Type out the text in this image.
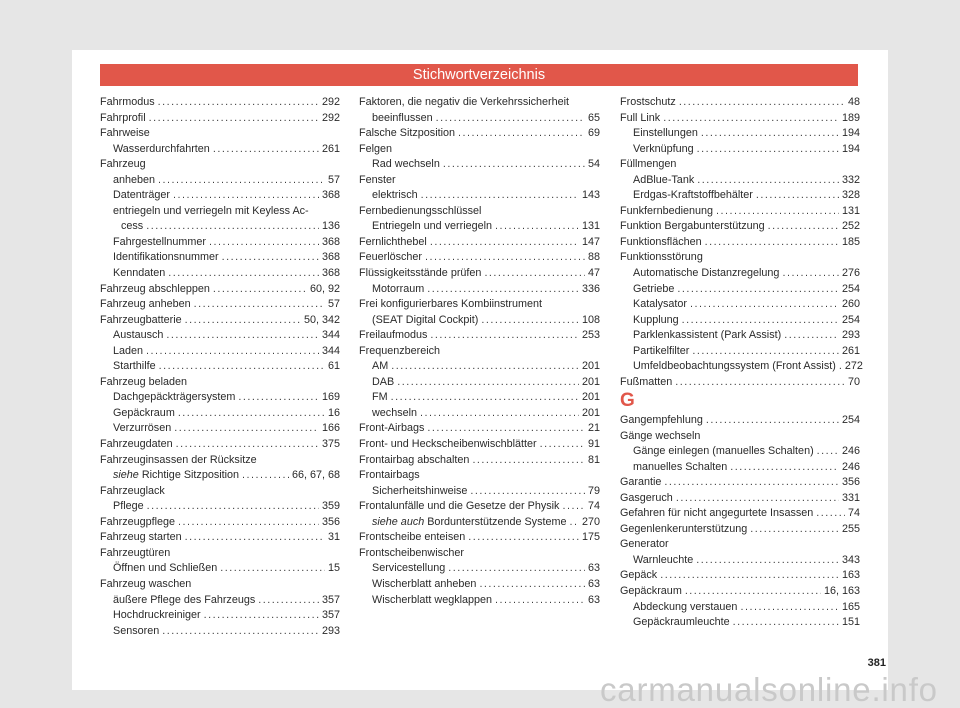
Stichwortverzeichnis
Fahrmodus .....	292
Fahrprofil .....	292
Fahrweise
Wasserdurchfahrten .....	261
Fahrzeug
anheben .....	57
Datenträger .....	368
entriegeln und verriegeln mit Keyless Ac-
cess .....	136
Fahrgestellnummer .....	368
Identifikationsnummer .....	368
Kenndaten .....	368
Fahrzeug abschleppen .....	60, 92
Fahrzeug anheben .....	57
Fahrzeugbatterie .....	50, 342
Austausch .....	344
Laden .....	344
Starthilfe .....	61
Fahrzeug beladen
Dachgepäckträgersystem .....	169
Gepäckraum .....	16
Verzurrösen .....	166
Fahrzeugdaten .....	375
Fahrzeuginsassen der Rücksitze
siehe Richtige Sitzposition .....	66, 67, 68
Fahrzeuglack
Pflege .....	359
Fahrzeugpflege .....	356
Fahrzeug starten .....	31
Fahrzeugtüren
Öffnen und Schließen .....	15
Fahrzeug waschen
äußere Pflege des Fahrzeugs .....	357
Hochdruckreiniger .....	357
Sensoren .....	293
Faktoren, die negativ die Verkehrssicherheit
beeinflussen .....	65
Falsche Sitzposition .....	69
Felgen
Rad wechseln .....	54
Fenster
elektrisch .....	143
Fernbedienungsschlüssel
Entriegeln und verriegeln .....	131
Fernlichthebel .....	147
Feuerlöscher .....	88
Flüssigkeitsstände prüfen .....	47
Motorraum .....	336
Frei konfigurierbares Kombiinstrument
(SEAT Digital Cockpit) .....	108
Freilaufmodus .....	253
Frequenzbereich
AM .....	201
DAB .....	201
FM .....	201
wechseln .....	201
Front-Airbags .....	21
Front- und Heckscheibenwischblätter .....	91
Frontairbag abschalten .....	81
Frontairbags
Sicherheitshinweise .....	79
Frontalunfälle und die Gesetze der Physik .....	74
siehe auch Bordunterstützende Systeme ..... 270
Frontscheibe enteisen .....	175
Frontscheibenwischer
Servicestellung .....	63
Wischerblatt anheben .....	63
Wischerblatt wegklappen .....	63
Frostschutz .....	48
Full Link .....	189
Einstellungen .....	194
Verknüpfung .....	194
Füllmengen
AdBlue-Tank .....	332
Erdgas-Kraftstoffbehälter .....	328
Funkfernbedienung .....	131
Funktion Bergabunterstützung .....	252
Funktionsflächen .....	185
Funktionsstörung
Automatische Distanzregelung .....	276
Getriebe .....	254
Katalysator .....	260
Kupplung .....	254
Parklenkassistent (Park Assist) .....	293
Partikelfilter .....	261
Umfeldbeobachtungssystem (Front Assist) ..... 272
Fußmatten .....	70
G
Gangempfehlung .....	254
Gänge wechseln
Gänge einlegen (manuelles Schalten) .....	246
manuelles Schalten .....	246
Garantie .....	356
Gasgeruch .....	331
Gefahren für nicht angegurtete Insassen .....	74
Gegenlenkerunterstützung .....	255
Generator
Warnleuchte .....	343
Gepäck .....	163
Gepäckraum .....	16, 163
Abdeckung verstauen .....	165
Gepäckraumleuchte .....	151
381
carmanualsonline.info
